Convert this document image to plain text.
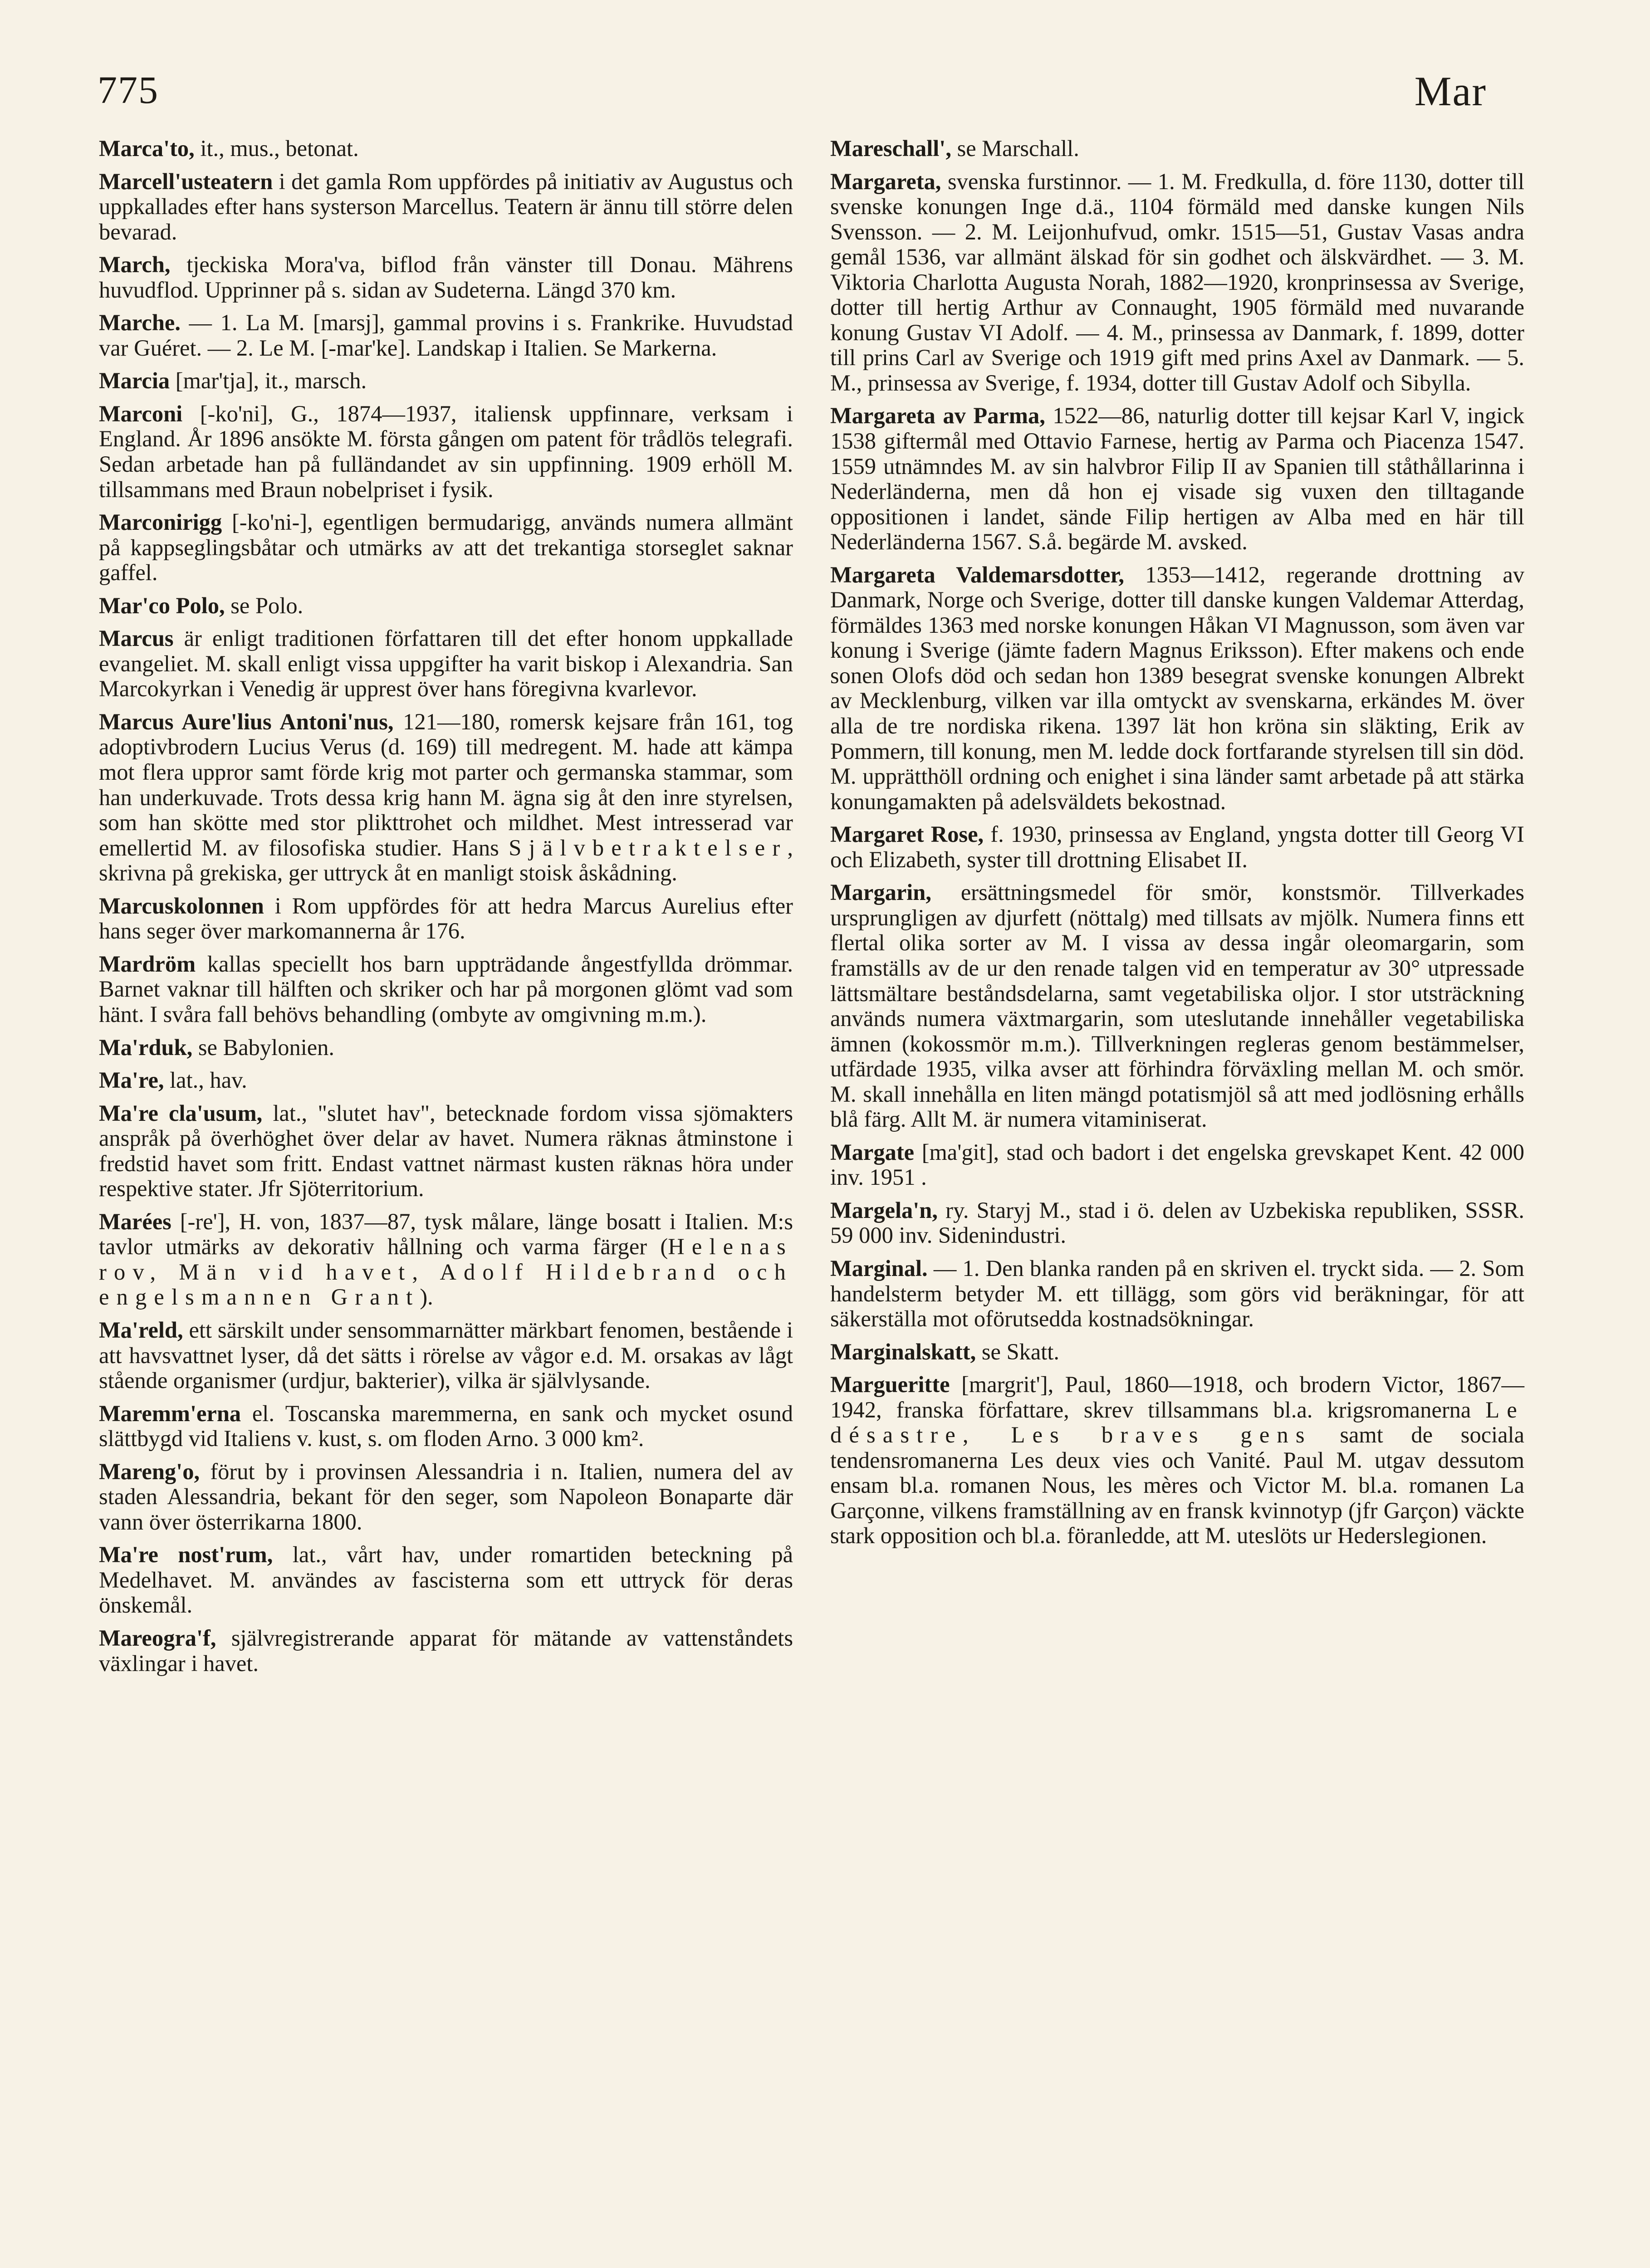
775	Mar

Marca'to, it., mus., betonat.

Marcell'usteatern i det gamla Rom uppfördes på initiativ av Augustus och uppkallades efter hans systerson Marcellus. Teatern är ännu till större delen bevarad.

March, tjeckiska Mora'va, biflod från vänster till Donau. Mährens huvudflod. Upprinner på s. sidan av Sudeterna. Längd 370 km.

Marche. — 1. La M. [marsj], gammal provins i s. Frankrike. Huvudstad var Guéret. — 2. Le M. [-mar'ke]. Landskap i Italien. Se Markerna.

Marcia [mar'tja], it., marsch.

Marconi [-ko'ni], G., 1874—1937, italiensk uppfinnare, verksam i England. År 1896 ansökte M. första gången om patent för trådlös telegrafi. Sedan arbetade han på fulländandet av sin uppfinning. 1909 erhöll M. tillsammans med Braun nobelpriset i fysik.

Marconirigg [-ko'ni-], egentligen bermudarigg, används numera allmänt på kappseglingsbåtar och utmärks av att det trekantiga storseglet saknar gaffel.

Mar'co Polo, se Polo.

Marcus är enligt traditionen författaren till det efter honom uppkallade evangeliet. M. skall enligt vissa uppgifter ha varit biskop i Alexandria. San Marcokyrkan i Venedig är upprest över hans föregivna kvarlevor.

Marcus Aure'lius Antoni'nus, 121—180, romersk kejsare från 161, tog adoptivbrodern Lucius Verus (d. 169) till medregent. M. hade att kämpa mot flera uppror samt förde krig mot parter och germanska stammar, som han underkuvade. Trots dessa krig hann M. ägna sig åt den inre styrelsen, som han skötte med stor plikttrohet och mildhet. Mest intresserad var emellertid M. av filosofiska studier. Hans Självbetraktelser, skrivna på grekiska, ger uttryck åt en manligt stoisk åskådning.

Marcuskolonnen i Rom uppfördes för att hedra Marcus Aurelius efter hans seger över markomannerna år 176.

Mardröm kallas speciellt hos barn uppträdande ångestfyllda drömmar. Barnet vaknar till hälften och skriker och har på morgonen glömt vad som hänt. I svåra fall behövs behandling (ombyte av omgivning m.m.).

Ma'rduk, se Babylonien.

Ma're, lat., hav.

Ma're cla'usum, lat., "slutet hav", betecknade fordom vissa sjömakters anspråk på överhöghet över delar av havet. Numera räknas åtminstone i fredstid havet som fritt. Endast vattnet närmast kusten räknas höra under respektive stater. Jfr Sjöterritorium.

Marées [-re'], H. von, 1837—87, tysk målare, länge bosatt i Italien. M:s tavlor utmärks av dekorativ hållning och varma färger (Helenas rov, Män vid havet, Adolf Hildebrand och engelsmannen Grant).

Ma'reld, ett särskilt under sensommarnätter märkbart fenomen, bestående i att havsvattnet lyser, då det sätts i rörelse av vågor e.d. M. orsakas av lågt stående organismer (urdjur, bakterier), vilka är självlysande.

Maremm'erna el. Toscanska maremmerna, en sank och mycket osund slättbygd vid Italiens v. kust, s. om floden Arno. 3 000 km².

Mareng'o, förut by i provinsen Alessandria i n. Italien, numera del av staden Alessandria, bekant för den seger, som Napoleon Bonaparte där vann över österrikarna 1800.

Ma're nost'rum, lat., vårt hav, under romartiden beteckning på Medelhavet. M. användes av fascisterna som ett uttryck för deras önskemål.

Mareogra'f, självregistrerande apparat för mätande av vattenståndets växlingar i havet.

Mareschall', se Marschall.

Margareta, svenska furstinnor. — 1. M. Fredkulla, d. före 1130, dotter till svenske konungen Inge d.ä., 1104 förmäld med danske kungen Nils Svensson. — 2. M. Leijonhufvud, omkr. 1515—51, Gustav Vasas andra gemål 1536, var allmänt älskad för sin godhet och älskvärdhet. — 3. M. Viktoria Charlotta Augusta Norah, 1882—1920, kronprinsessa av Sverige, dotter till hertig Arthur av Connaught, 1905 förmäld med nuvarande konung Gustav VI Adolf. — 4. M., prinsessa av Danmark, f. 1899, dotter till prins Carl av Sverige och 1919 gift med prins Axel av Danmark. — 5. M., prinsessa av Sverige, f. 1934, dotter till Gustav Adolf och Sibylla.

Margareta av Parma, 1522—86, naturlig dotter till kejsar Karl V, ingick 1538 giftermål med Ottavio Farnese, hertig av Parma och Piacenza 1547. 1559 utnämndes M. av sin halvbror Filip II av Spanien till ståthållarinna i Nederländerna, men då hon ej visade sig vuxen den tilltagande oppositionen i landet, sände Filip hertigen av Alba med en här till Nederländerna 1567. S.å. begärde M. avsked.

Margareta Valdemarsdotter, 1353—1412, regerande drottning av Danmark, Norge och Sverige, dotter till danske kungen Valdemar Atterdag, förmäldes 1363 med norske konungen Håkan VI Magnusson, som även var konung i Sverige (jämte fadern Magnus Eriksson). Efter makens och ende sonen Olofs död och sedan hon 1389 besegrat svenske konungen Albrekt av Mecklenburg, vilken var illa omtyckt av svenskarna, erkändes M. över alla de tre nordiska rikena. 1397 lät hon kröna sin släkting, Erik av Pommern, till konung, men M. ledde dock fortfarande styrelsen till sin död. M. upprätthöll ordning och enighet i sina länder samt arbetade på att stärka konungamakten på adelsväldets bekostnad.

Margaret Rose, f. 1930, prinsessa av England, yngsta dotter till Georg VI och Elizabeth, syster till drottning Elisabet II.

Margarin, ersättningsmedel för smör, konstsmör. Tillverkades ursprungligen av djurfett (nöttalg) med tillsats av mjölk. Numera finns ett flertal olika sorter av M. I vissa av dessa ingår oleomargarin, som framställs av de ur den renade talgen vid en temperatur av 30° utpressade lättsmältare beståndsdelarna, samt vegetabiliska oljor. I stor utsträckning används numera växtmargarin, som uteslutande innehåller vegetabiliska ämnen (kokossmör m.m.). Tillverkningen regleras genom bestämmelser, utfärdade 1935, vilka avser att förhindra förväxling mellan M. och smör. M. skall innehålla en liten mängd potatismjöl så att med jodlösning erhålls blå färg. Allt M. är numera vitaminiserat.

Margate [ma'git], stad och badort i det engelska grevskapet Kent. 42 000 inv. 1951 .

Margela'n, ry. Staryj M., stad i ö. delen av Uzbekiska republiken, SSSR. 59 000 inv. Sidenindustri.

Marginal. — 1. Den blanka randen på en skriven el. tryckt sida. — 2. Som handelsterm betyder M. ett tillägg, som görs vid beräkningar, för att säkerställa mot oförutsedda kostnadsökningar.

Marginalskatt, se Skatt.

Margueritte [margrit'], Paul, 1860—1918, och brodern Victor, 1867—1942, franska författare, skrev tillsammans bl.a. krigsromanerna Le désastre, Les braves gens samt de sociala tendensromanerna Les deux vies och Vanité. Paul M. utgav dessutom ensam bl.a. romanen Nous, les mères och Victor M. bl.a. romanen La Garçonne, vilkens framställning av en fransk kvinnotyp (jfr Garçon) väckte stark opposition och bl.a. föranledde, att M. uteslöts ur Hederslegionen.
